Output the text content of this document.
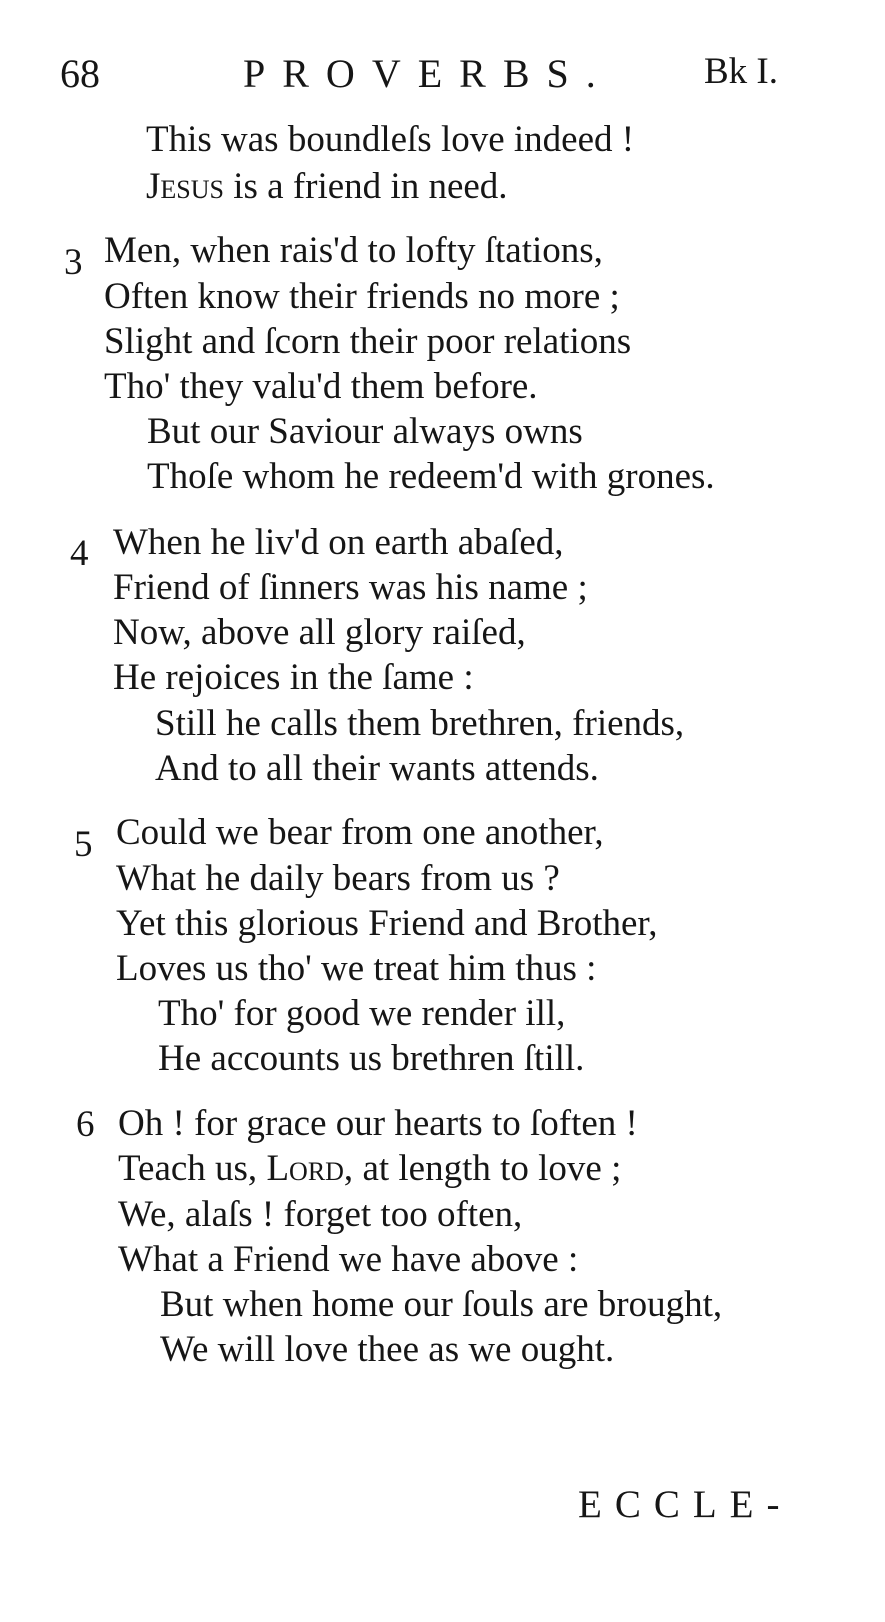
68	PROVERBS. Bk I.
This was boundleſs love indeed !
Jesus is a friend in need.
3 Men, when rais'd to lofty ſtations,
Often know their friends no more ;
Slight and ſcorn their poor relations
Tho' they valu'd them before.
But our Saviour always owns
Thoſe whom he redeem'd with grones.
4 When he liv'd on earth abaſed,
Friend of ſinners was his name ;
Now, above all glory raiſed,
He rejoices in the ſame :
Still he calls them brethren, friends,
And to all their wants attends.
5 Could we bear from one another,
What he daily bears from us ?
Yet this glorious Friend and Brother,
Loves us tho' we treat him thus :
Tho' for good we render ill,
He accounts us brethren ſtill.
6 Oh ! for grace our hearts to ſoften !
Teach us, Lord, at length to love ;
We, alaſs ! forget too often,
What a Friend we have above :
But when home our ſouls are brought,
We will love thee as we ought.
ECCLE-
